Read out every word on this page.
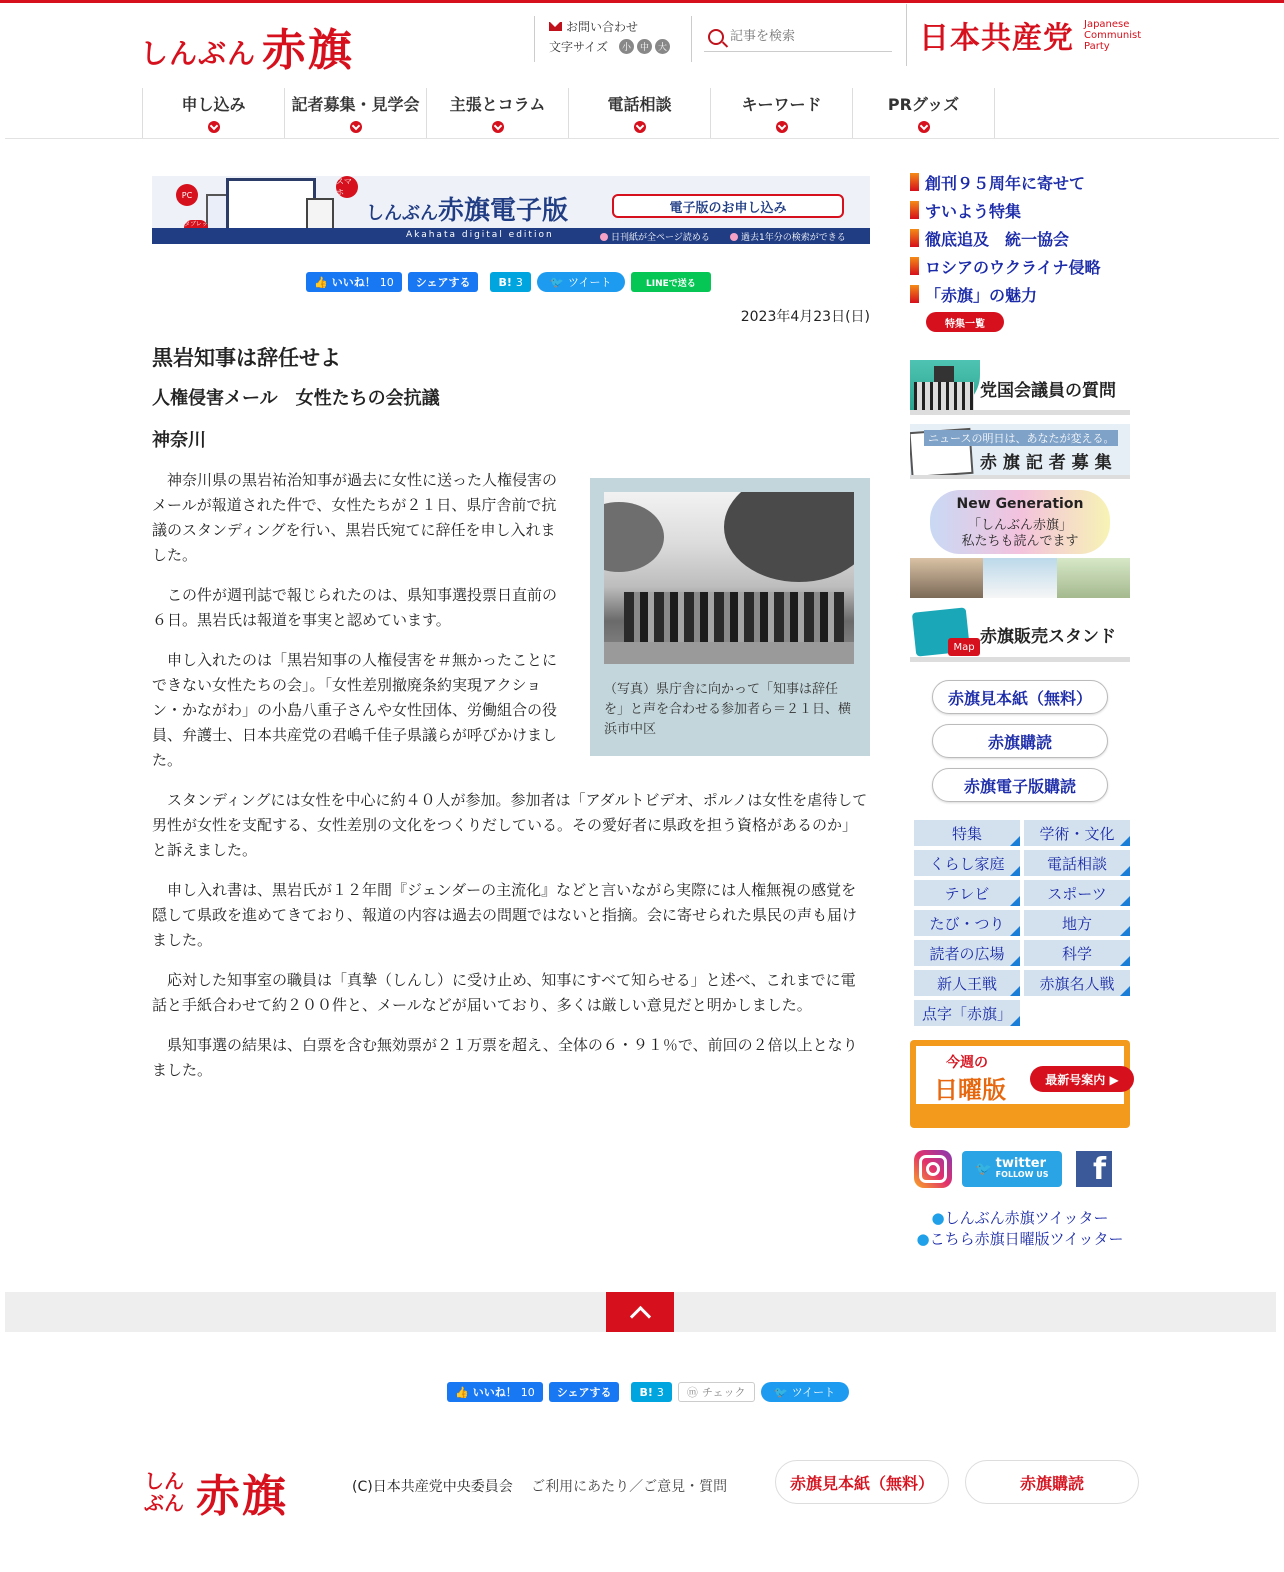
しんぶん 赤旗	お問い合わせ
文字サイズ	小 中 大
記事を検索	日本共産党 Japanese
Communist
Party
申し込み	記者募集・見学会 主張とコラム	電話相談	キーワード	PRグッズ
PC
タブレッ
スマホ
しんぶん赤旗電子版	電子版のお申し込み
Akahata digital edition	日刊紙が全ページ読める	過去1年分の検索ができる
👍 いいね！ 10	シェアする	B! 3 🐦 ツイート	LINEで送る
2023年4月23日(日)
黒岩知事は辞任せよ
人権侵害メール　女性たちの会抗議
神奈川
（写真）県庁舎に向かって「知事は辞任を」と声を合わせる参加者ら＝２１日、横浜市中区

神奈川県の黒岩祐治知事が過去に女性に送った人権侵害のメールが報道された件で、女性たちが２１日、県庁舎前で抗議のスタンディングを行い、黒岩氏宛てに辞任を申し入れました。

この件が週刊誌で報じられたのは、県知事選投票日直前の６日。黒岩氏は報道を事実と認めています。

申し入れたのは「黒岩知事の人権侵害を＃無かったことにできない女性たちの会」。「女性差別撤廃条約実現アクション・かながわ」の小島八重子さんや女性団体、労働組合の役員、弁護士、日本共産党の君嶋千佳子県議らが呼びかけました。

スタンディングには女性を中心に約４０人が参加。参加者は「アダルトビデオ、ポルノは女性を虐待して男性が女性を支配する、女性差別の文化をつくりだしている。その愛好者に県政を担う資格があるのか」と訴えました。

申し入れ書は、黒岩氏が１２年間『ジェンダーの主流化』などと言いながら実際には人権無視の感覚を隠して県政を進めてきており、報道の内容は過去の問題ではないと指摘。会に寄せられた県民の声も届けました。

応対した知事室の職員は「真摯（しんし）に受け止め、知事にすべて知らせる」と述べ、これまでに電話と手紙合わせて約２００件と、メールなどが届いており、多くは厳しい意見だと明かしました。

県知事選の結果は、白票を含む無効票が２１万票を超え、全体の６・９１％で、前回の２倍以上となりました。

創刊９５周年に寄せて
すいよう特集
徹底追及　統一協会
ロシアのウクライナ侵略
「赤旗」の魅力
特集一覧
党国会議員の質問
ニュースの明日は、あなたが変える。
赤 旗 記 者 募 集
New Generation
「しんぶん赤旗」
私たちも読んでます
Map 赤旗販売スタンド
赤旗見本紙（無料）
赤旗購読
赤旗電子版購読
特集	学術・文化
くらし家庭	電話相談
テレビ	スポーツ
たび・つり	地方
読者の広場	科学
新人王戦	赤旗名人戦
点字「赤旗」
今週の
日曜版	最新号案内 ▶
🐦 twitter
FOLLOW US	f
●しんぶん赤旗ツイッター
●こちら赤旗日曜版ツイッター
👍 いいね！ 10	シェアする	B! 3 ⓜ チェック	🐦 ツイート
しんぶん 赤旗	(C)日本共産党中央委員会 ご利用にあたり／ご意見・質問	赤旗見本紙（無料）	赤旗購読
